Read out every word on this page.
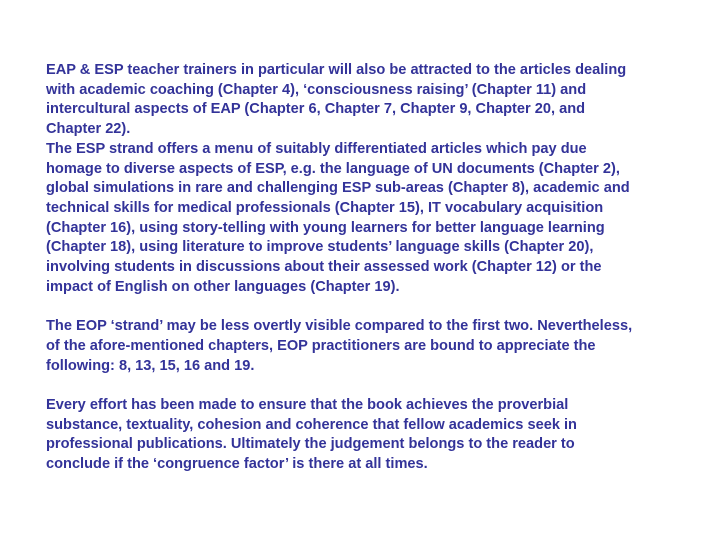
EAP & ESP teacher trainers in particular will also be attracted to the articles dealing
with academic coaching (Chapter 4), ‘consciousness raising’ (Chapter 11) and
intercultural aspects of EAP (Chapter 6, Chapter 7, Chapter 9, Chapter 20, and
Chapter 22).
The ESP strand offers a menu of suitably differentiated articles which pay due
homage to diverse aspects of ESP, e.g. the language of UN documents (Chapter 2),
global simulations in rare and challenging ESP sub-areas (Chapter 8), academic and
technical skills for medical professionals (Chapter 15), IT vocabulary acquisition
(Chapter 16), using story-telling with young learners for better language learning
(Chapter 18), using literature to improve students’ language skills (Chapter 20),
involving students in discussions about their assessed work (Chapter 12) or the
impact of English on other languages (Chapter 19).
The EOP ‘strand’ may be less overtly visible compared to the first two. Nevertheless,
of the afore-mentioned chapters, EOP practitioners are bound to appreciate the
following: 8, 13, 15, 16 and 19.
Every effort has been made to ensure that the book achieves the proverbial
substance, textuality, cohesion and coherence that fellow academics seek in
professional publications. Ultimately the judgement belongs to the reader to
conclude if the ‘congruence factor’ is there at all times.
